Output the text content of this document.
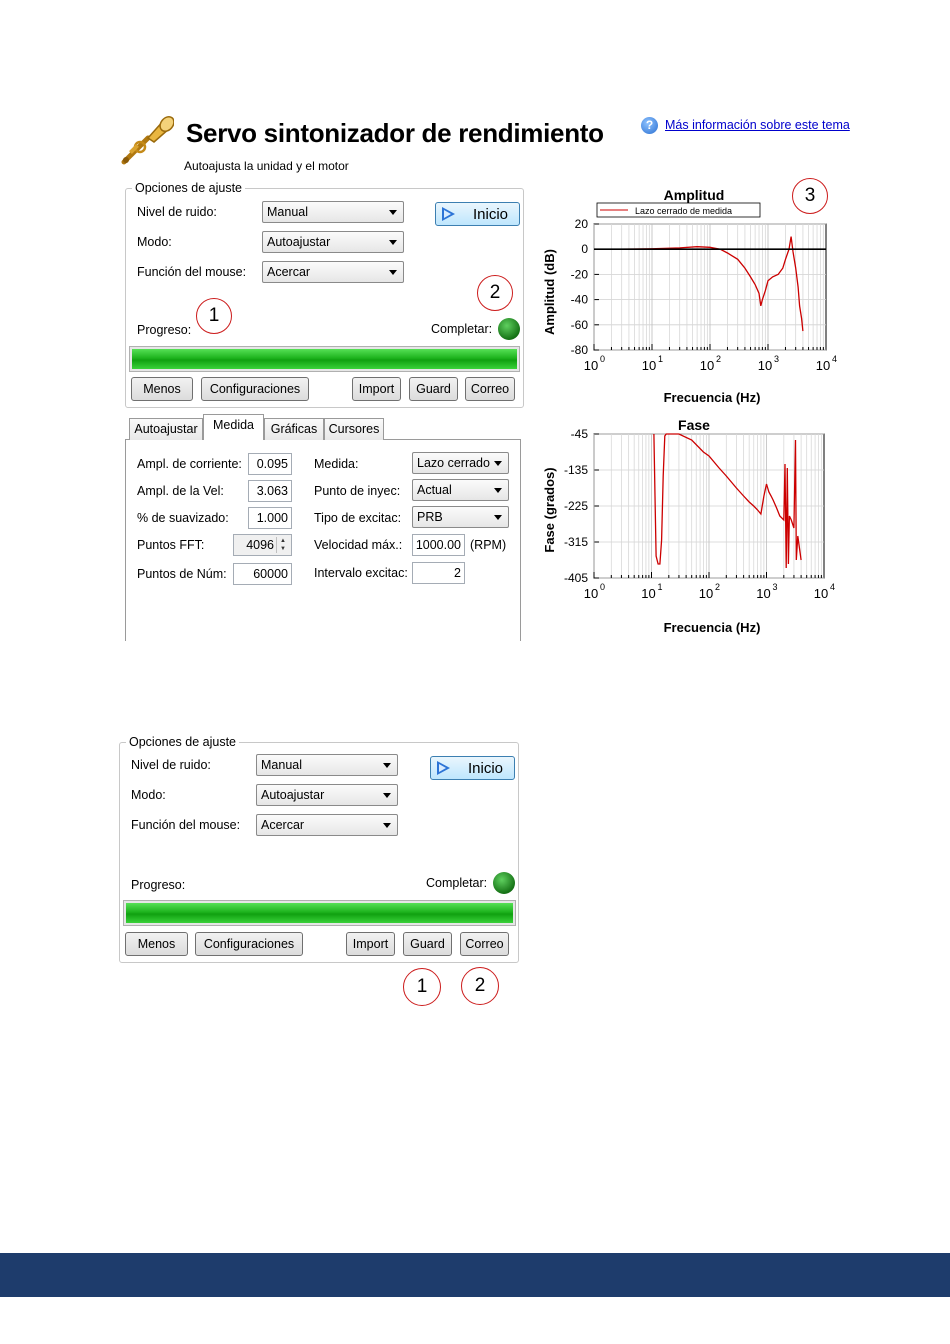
Servo sintonizador de rendimiento
Autoajusta la unidad y el motor
? Más información sobre este tema
Opciones de ajuste
Nivel de ruido:	Manual
Modo:	Autoajustar
Función del mouse:	Acercar
Inicio
1
2
Progreso:	Completar:
Menos	Configuraciones	Import	Guard	Correo
Autoajustar	Medida	Gráficas Cursores
Ampl. de corriente:	0.095
Ampl. de la Vel:	3.063
% de suavizado:	1.000
Puntos FFT:	4096	▲
▼
Puntos de Núm:	60000
Medida:	Lazo cerrado
Punto de inyec:	Actual
Tipo de excitac:	PRB
Velocidad máx.:	1000.00 (RPM)
Intervalo excitac:	2
3
Amplitud
20
0
-20
-40
-60
-80
10 0	10 1	10 2	10 3	10 4
Lazo cerrado de medida
Frecuencia (Hz)
Amplitud (dB)
Fase
-45
-135
-225
-315
-405
10 0	10 1	10 2	10 3	10 4
Frecuencia (Hz)
Fase (grados)
Opciones de ajuste
Nivel de ruido:	Manual
Modo:	Autoajustar
Función del mouse:	Acercar
Inicio
Progreso:	Completar:
Menos	Configuraciones	Import	Guard	Correo
1	2
